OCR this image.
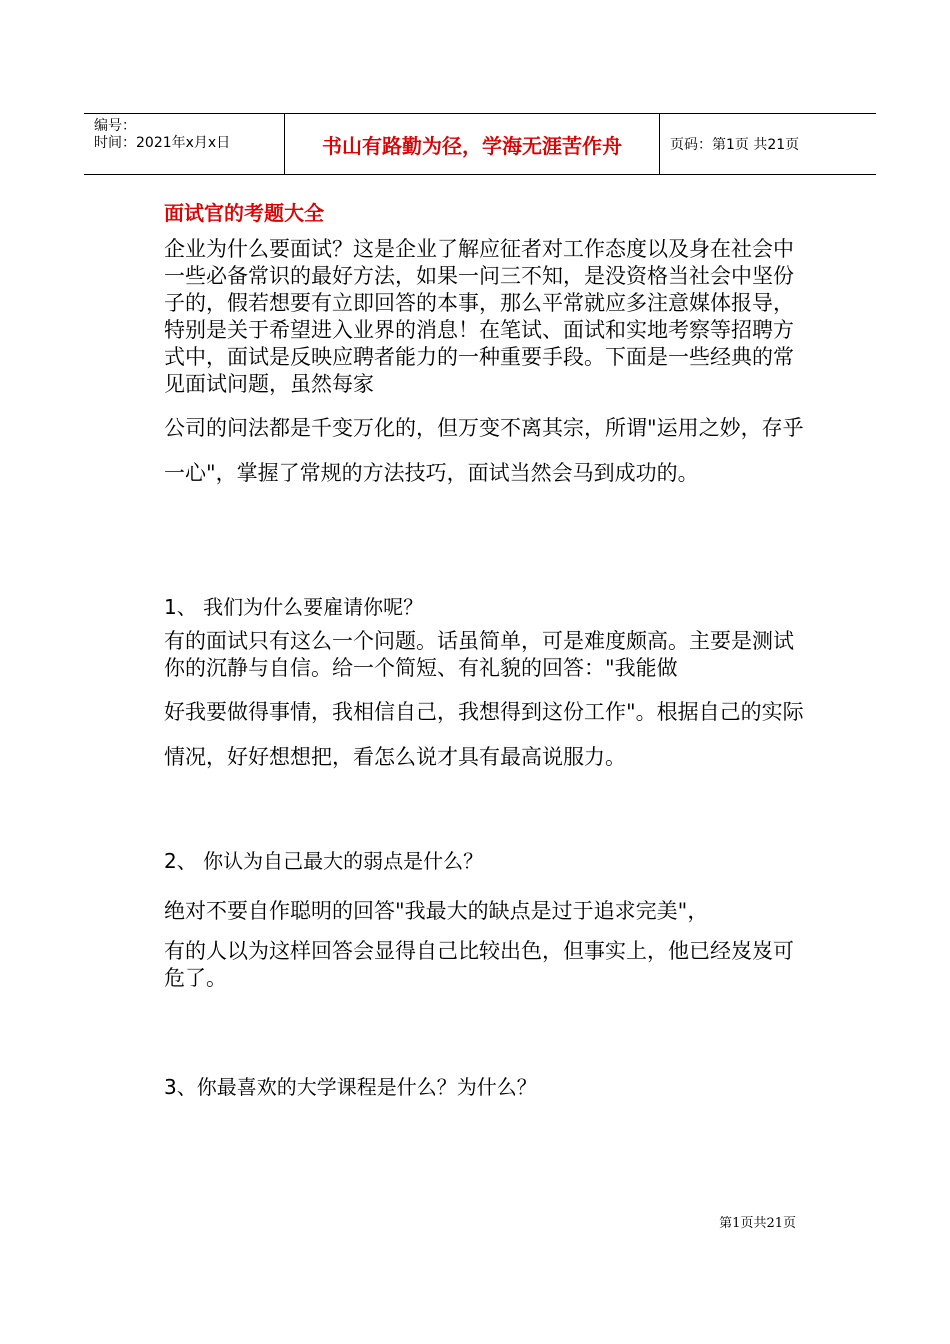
编号：
时间：2021年x月x日	书山有路勤为径，学海无涯苦作舟	页码：第1页 共21页
面试官的考题大全

企业为什么要面试？这是企业了解应征者对工作态度以及身在社会中一些必备常识的最好方法，如果一问三不知，是没资格当社会中坚份子的，假若想要有立即回答的本事，那么平常就应多注意媒体报导，特别是关于希望进入业界的消息！在笔试、面试和实地考察等招聘方式中，面试是反映应聘者能力的一种重要手段。下面是一些经典的常见面试问题，虽然每家

公司的问法都是千变万化的，但万变不离其宗，所谓"运用之妙，存乎一心"，掌握了常规的方法技巧，面试当然会马到成功的。

1、 我们为什么要雇请你呢？

有的面试只有这么一个问题。话虽简单，可是难度颇高。主要是测试你的沉静与自信。给一个简短、有礼貌的回答："我能做

好我要做得事情，我相信自己，我想得到这份工作"。根据自己的实际情况，好好想想把，看怎么说才具有最高说服力。

2、 你认为自己最大的弱点是什么？

绝对不要自作聪明的回答"我最大的缺点是过于追求完美"，

有的人以为这样回答会显得自己比较出色，但事实上，他已经岌岌可危了。

3、你最喜欢的大学课程是什么？为什么？

第1页共21页
